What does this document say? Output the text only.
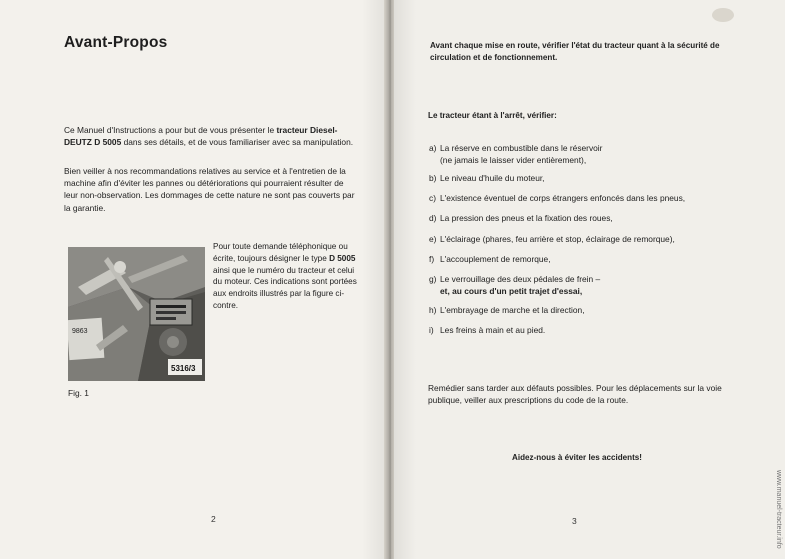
Avant-Propos

Ce Manuel d'Instructions a pour but de vous présenter le tracteur Diesel-
DEUTZ D 5005 dans ses détails, et de vous familiariser avec sa manipulation.

Bien veiller à nos recommandations relatives au service et à l'entretien de la
machine afin d'éviter les pannes ou détériorations qui pourraient résulter de
leur non-observation. Les dommages de cette nature ne sont pas couverts par
la garantie.

9863
5316/3

Pour toute demande téléphonique ou
écrite, toujours désigner le type D 5005
ainsi que le numéro du tracteur et celui
du moteur. Ces indications sont portées
aux endroits illustrés par la figure ci-
contre.

Fig. 1
2

Avant chaque mise en route, vérifier l'état du tracteur quant à la sécurité de
circulation et de fonctionnement.

Le tracteur étant à l'arrêt, vérifier:
a) La réserve en combustible dans le réservoir
(ne jamais le laisser vider entièrement),
b) Le niveau d'huile du moteur,
c) L'existence éventuel de corps étrangers enfoncés dans les pneus,
d) La pression des pneus et la fixation des roues,
e) L'éclairage (phares, feu arrière et stop, éclairage de remorque),
f) L'accouplement de remorque,
g) Le verrouillage des deux pédales de frein –
et, au cours d'un petit trajet d'essai,
h) L'embrayage de marche et la direction,
i) Les freins à main et au pied.

Remédier sans tarder aux défauts possibles. Pour les déplacements sur la voie
publique, veiller aux prescriptions du code de la route.

Aidez-nous à éviter les accidents!
3	www.manuel-tracteur.info
